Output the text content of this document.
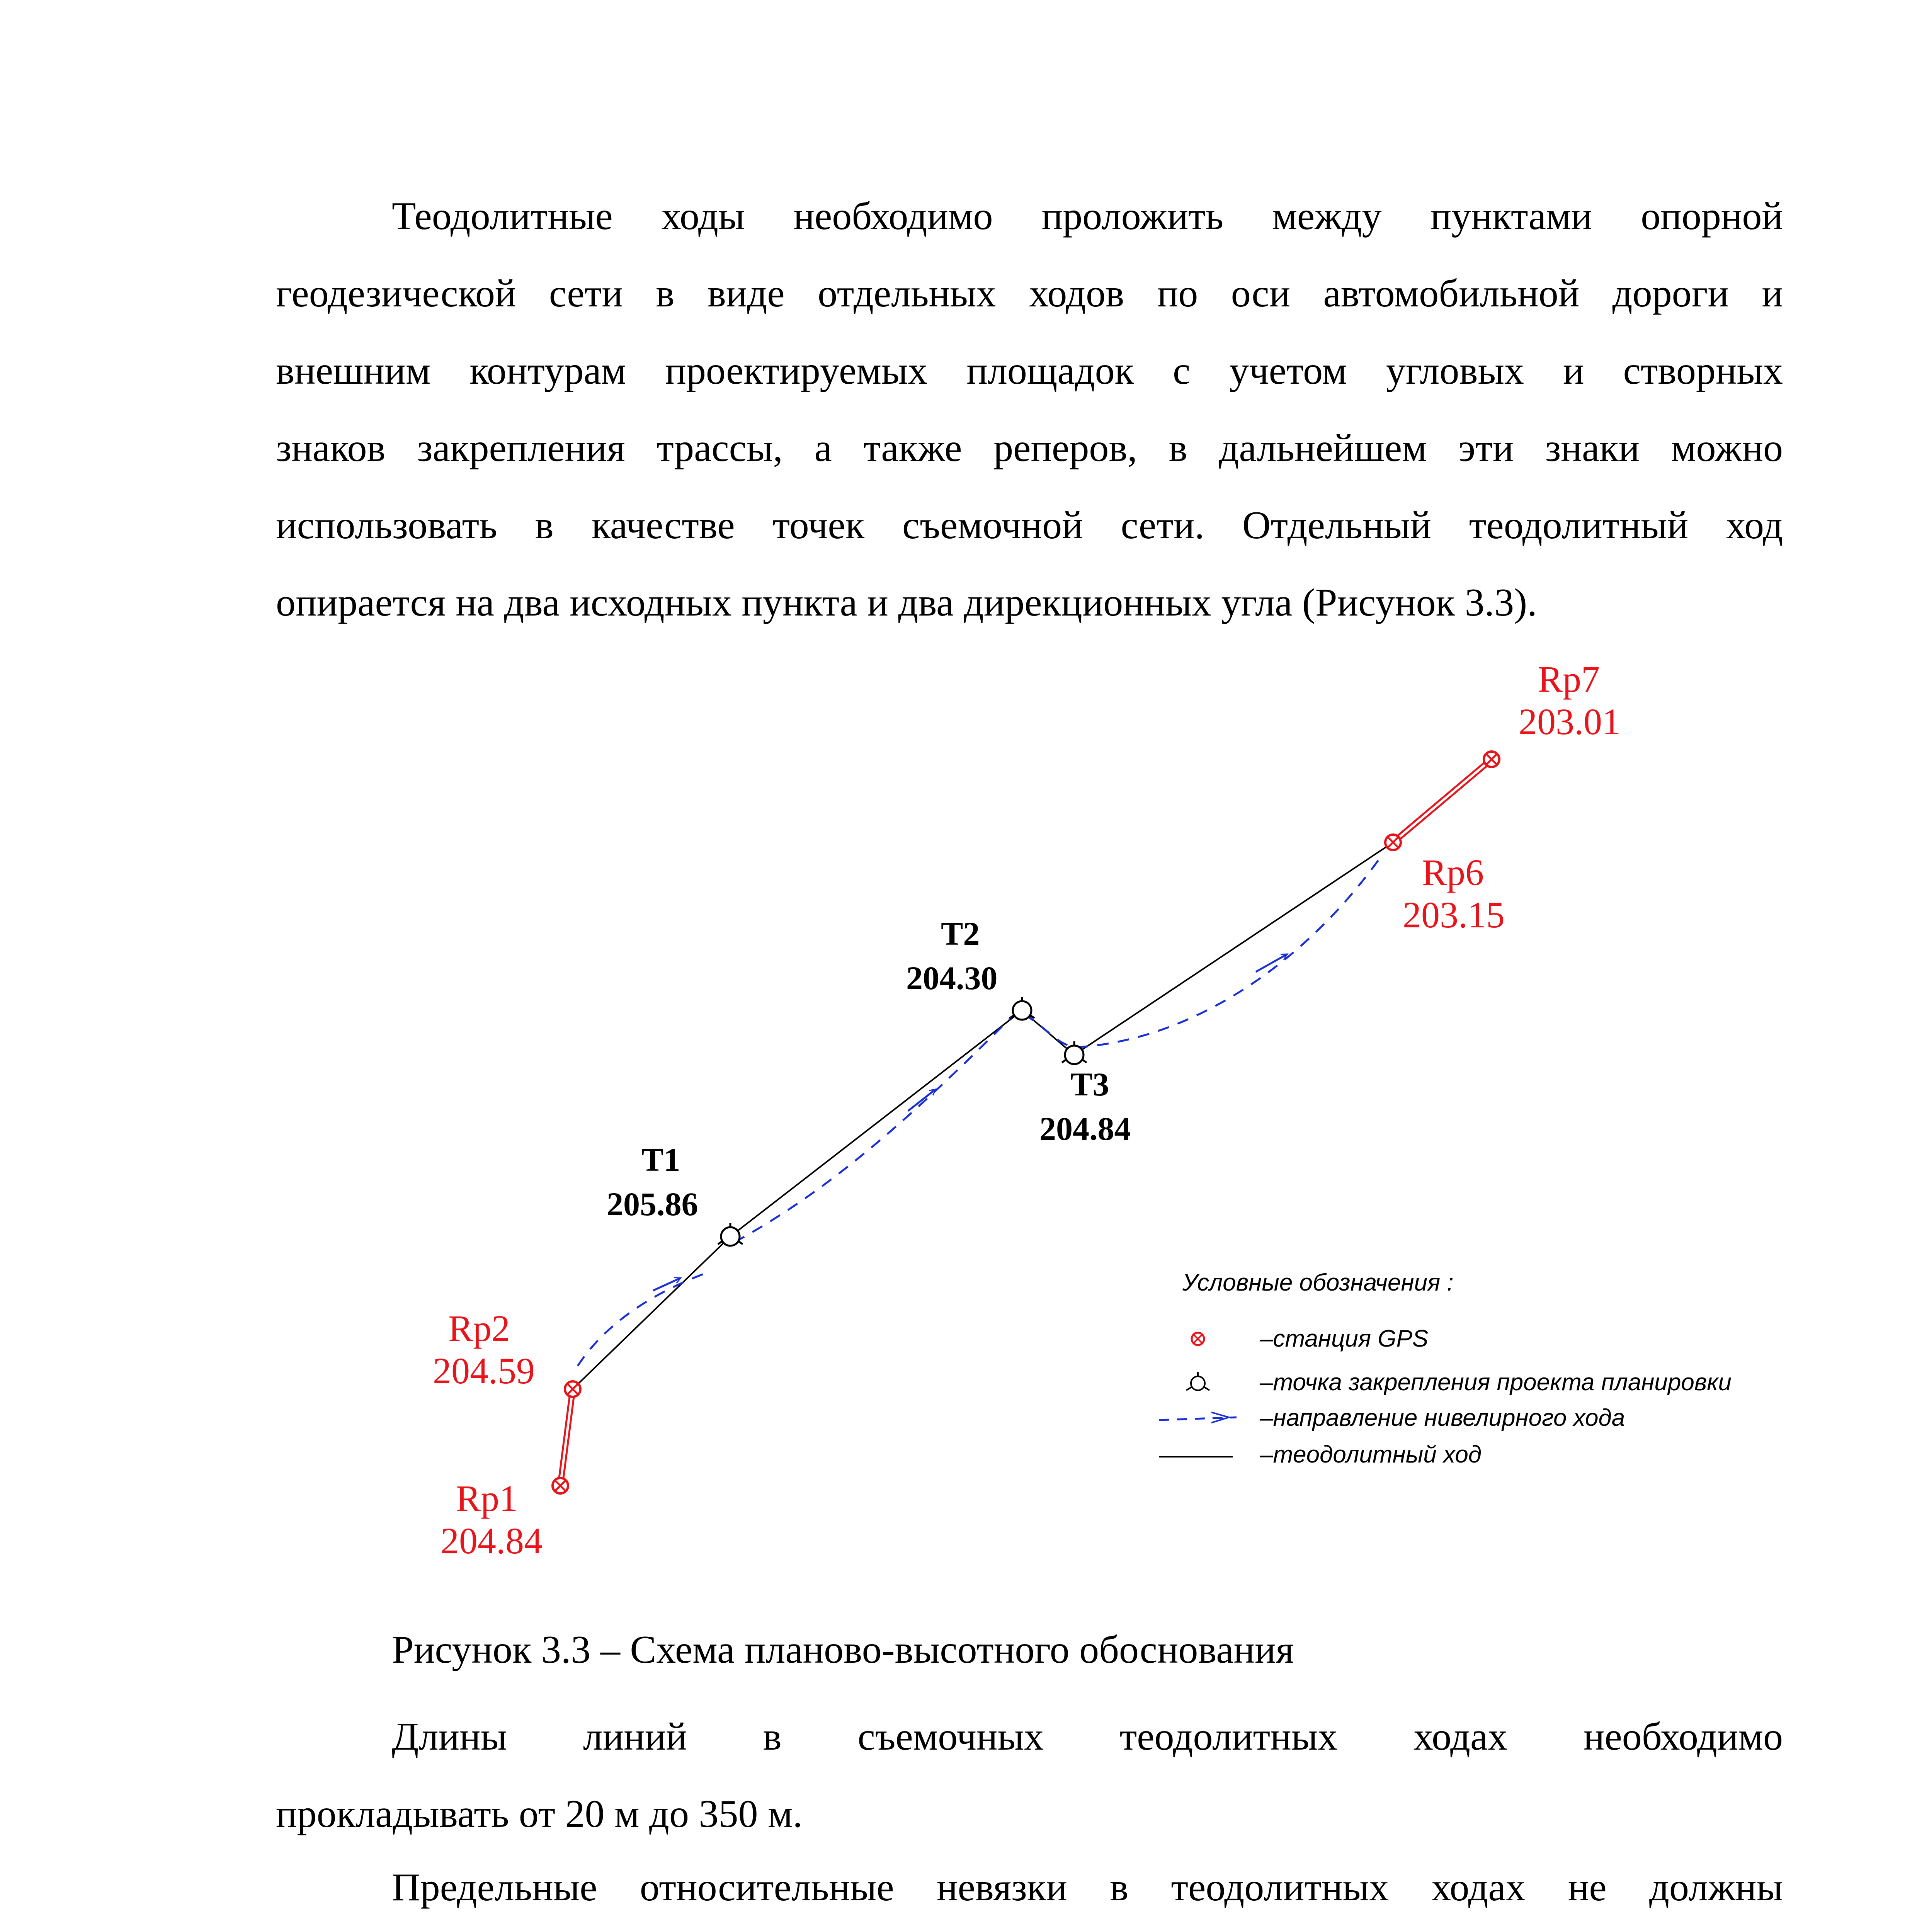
Теодолитные ходы необходимо проложить между пунктами опорной
геодезической сети в виде отдельных ходов по оси автомобильной дороги и
внешним контурам проектируемых площадок с учетом угловых и створных
знаков закрепления трассы, а также реперов, в дальнейшем эти знаки можно
использовать в качестве точек съемочной сети. Отдельный теодолитный ход
опирается на два исходных пункта и два дирекционных угла (Рисунок 3.3).
Rp1
204.84
Rp2
204.59
T1
205.86
T2
204.30
T3
204.84
Rp6
203.15
Rp7
203.01
Условные обозначения :
–станция GPS
–точка закрепления проекта планировки
–направление нивелирного хода
–теодолитный ход

Рисунок 3.3 – Схема планово-высотного обоснования

Длины линий в съемочных теодолитных ходах необходимо
прокладывать от 20 м до 350 м.
Предельные относительные невязки в теодолитных ходах не должны
